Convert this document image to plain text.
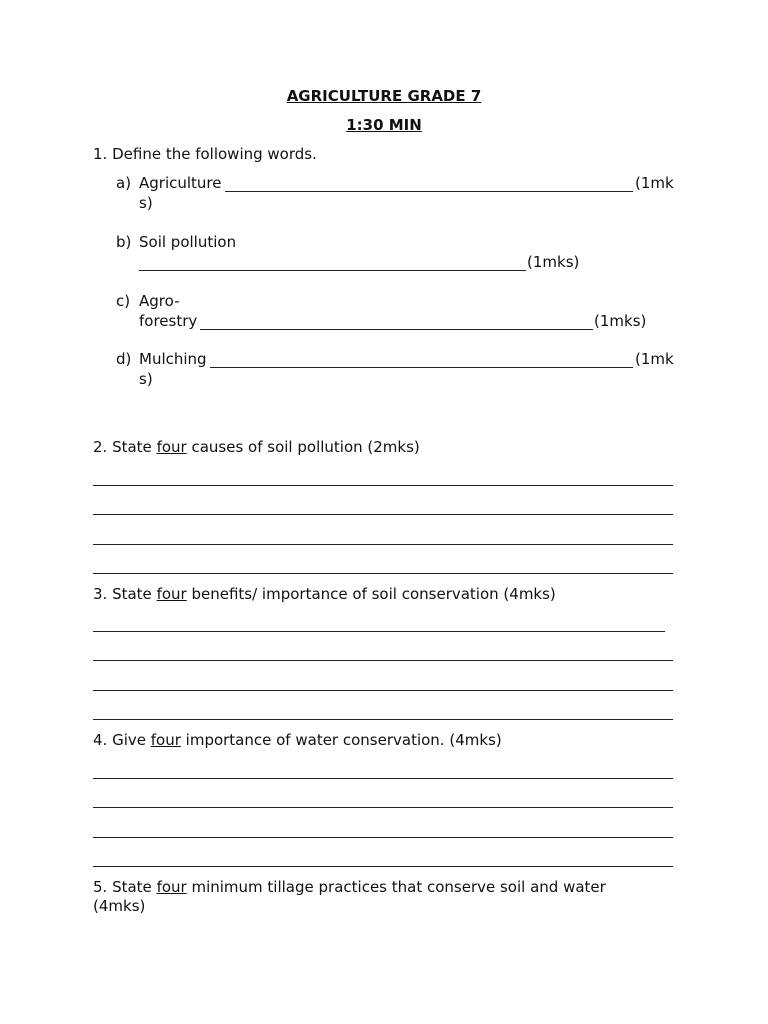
AGRICULTURE GRADE 7
1:30 MIN
1. Define the following words.
a) Agriculture	(1mk
s)
b) Soil pollution
(1mks)
c) Agro-
forestry	(1mks)
d) Mulching	(1mk
s)
2. State four causes of soil pollution (2mks)
3. State four benefits/ importance of soil conservation (4mks)
4. Give four importance of water conservation. (4mks)
5. State four minimum tillage practices that conserve soil and water
(4mks)
